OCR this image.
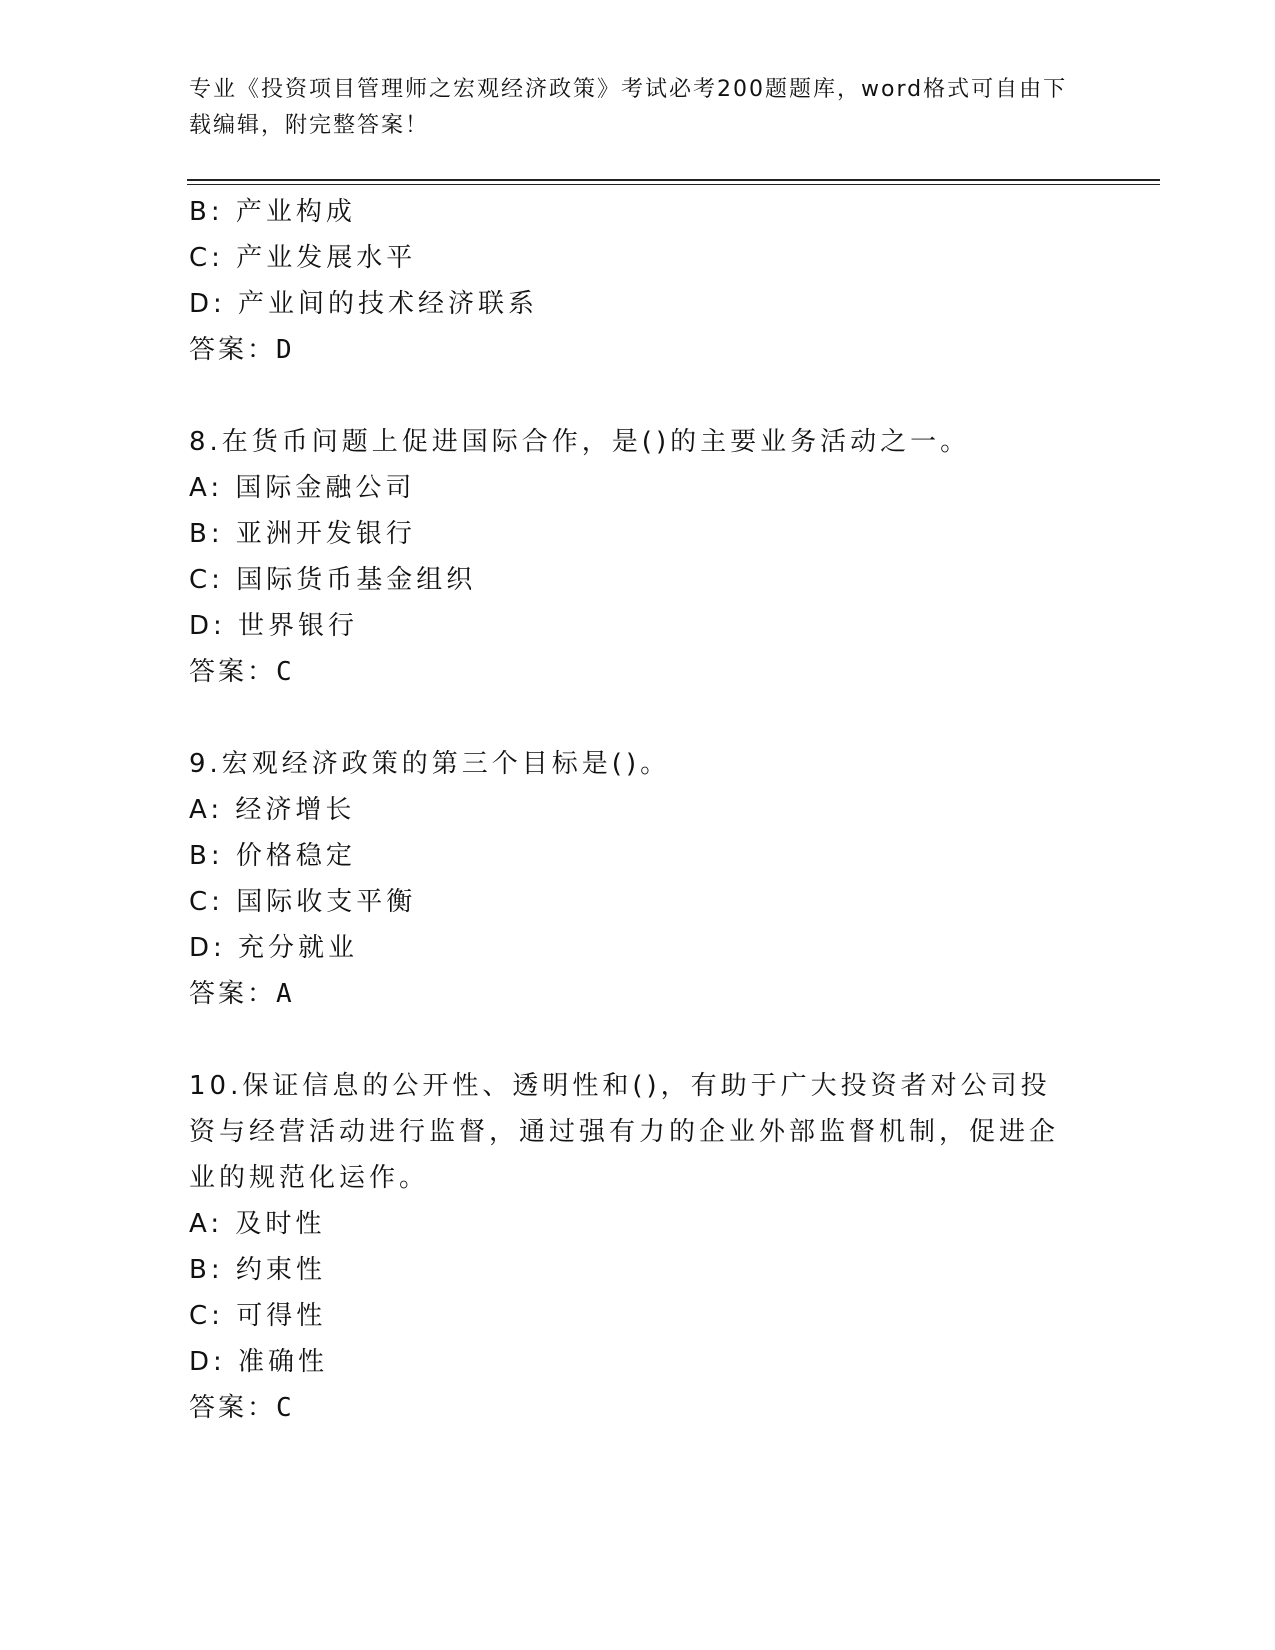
专业《投资项目管理师之宏观经济政策》考试必考200题题库，word格式可自由下载编辑，附完整答案！
B: 产业构成
C: 产业发展水平
D: 产业间的技术经济联系
答案：D
8.在货币问题上促进国际合作，是()的主要业务活动之一。
A: 国际金融公司
B: 亚洲开发银行
C: 国际货币基金组织
D: 世界银行
答案：C
9.宏观经济政策的第三个目标是()。
A: 经济增长
B: 价格稳定
C: 国际收支平衡
D: 充分就业
答案：A
10.保证信息的公开性、透明性和()，有助于广大投资者对公司投资与经营活动进行监督，通过强有力的企业外部监督机制，促进企业的规范化运作。
A: 及时性
B: 约束性
C: 可得性
D: 准确性
答案：C
